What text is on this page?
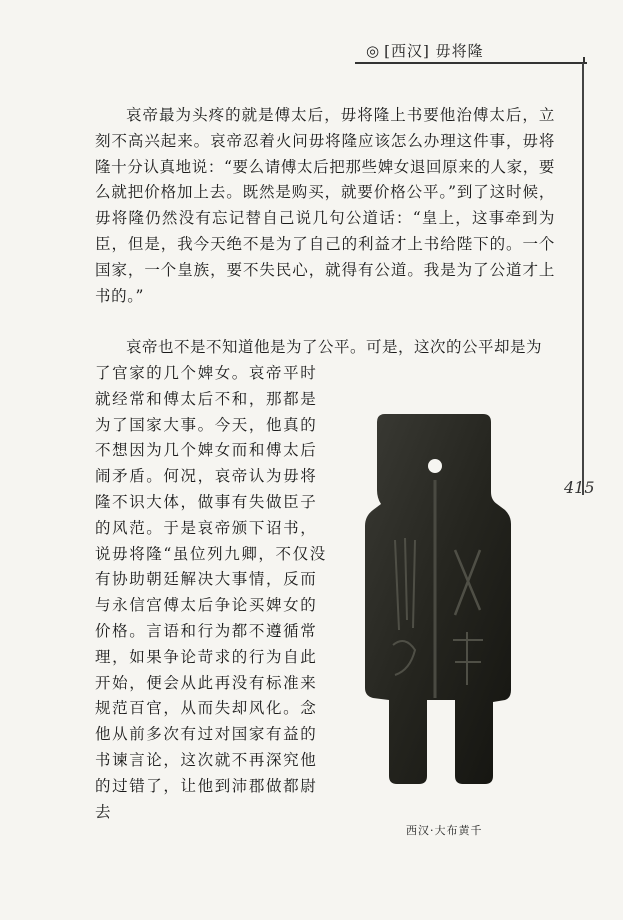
◎ [西汉] 毋将隆
415

哀帝最为头疼的就是傅太后，毋将隆上书要他治傅太后，立刻不高兴起来。哀帝忍着火问毋将隆应该怎么办理这件事，毋将隆十分认真地说：“要么请傅太后把那些婢女退回原来的人家，要么就把价格加上去。既然是购买，就要价格公平。”到了这时候，毋将隆仍然没有忘记替自己说几句公道话：“皇上，这事牵到为臣，但是，我今天绝不是为了自己的利益才上书给陛下的。一个国家，一个皇族，要不失民心，就得有公道。我是为了公道才上书的。”

哀帝也不是不知道他是为了公平。可是，这次的公平却是为

了官家的几个婢女。哀帝平时就经常和傅太后不和，那都是为了国家大事。今天，他真的不想因为几个婢女而和傅太后闹矛盾。何况，哀帝认为毋将隆不识大体，做事有失做臣子的风范。于是哀帝颁下诏书，说毋将隆“虽位列九卿，不仅没有协助朝廷解决大事情，反而与永信宫傅太后争论买婢女的价格。言语和行为都不遵循常理，如果争论苛求的行为自此开始，便会从此再没有标准来规范百官，从而失却风化。念他从前多次有过对国家有益的书谏言论，这次就不再深究他的过错了，让他到沛郡做都尉去

西汉·大布黄千
